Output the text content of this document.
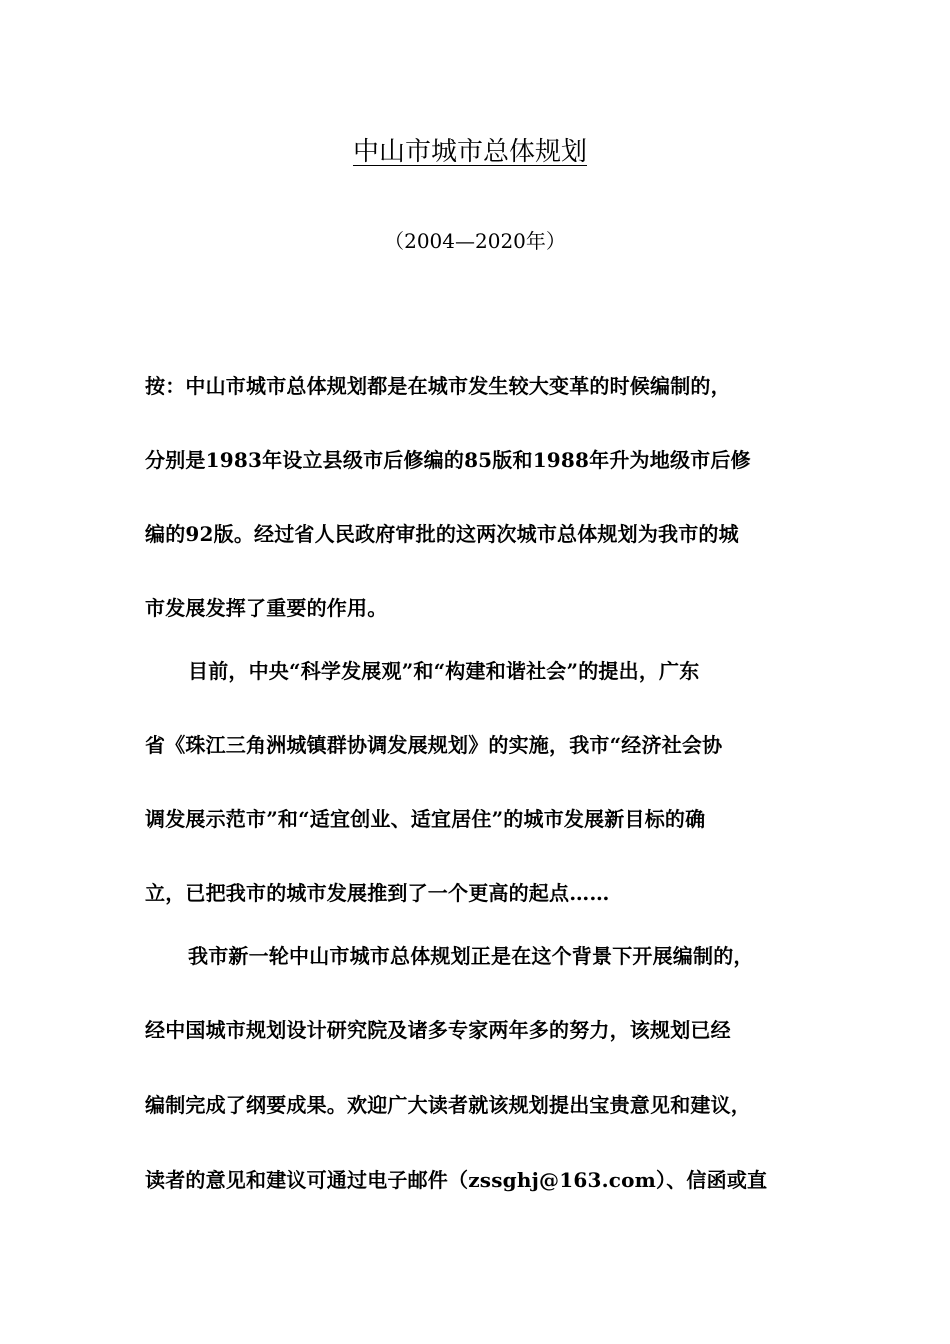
中山市城市总体规划
（2004—2020年）
按：中山市城市总体规划都是在城市发生较大变革的时候编制的，
分别是1983年设立县级市后修编的85版和1988年升为地级市后修
编的92版。经过省人民政府审批的这两次城市总体规划为我市的城
市发展发挥了重要的作用。
目前，中央“科学发展观”和“构建和谐社会”的提出，广东
省《珠江三角洲城镇群协调发展规划》的实施，我市“经济社会协
调发展示范市”和“适宜创业、适宜居住”的城市发展新目标的确
立，已把我市的城市发展推到了一个更高的起点……
我市新一轮中山市城市总体规划正是在这个背景下开展编制的，
经中国城市规划设计研究院及诸多专家两年多的努力，该规划已经
编制完成了纲要成果。欢迎广大读者就该规划提出宝贵意见和建议，
读者的意见和建议可通过电子邮件（zssghj@163.com）、信函或直
